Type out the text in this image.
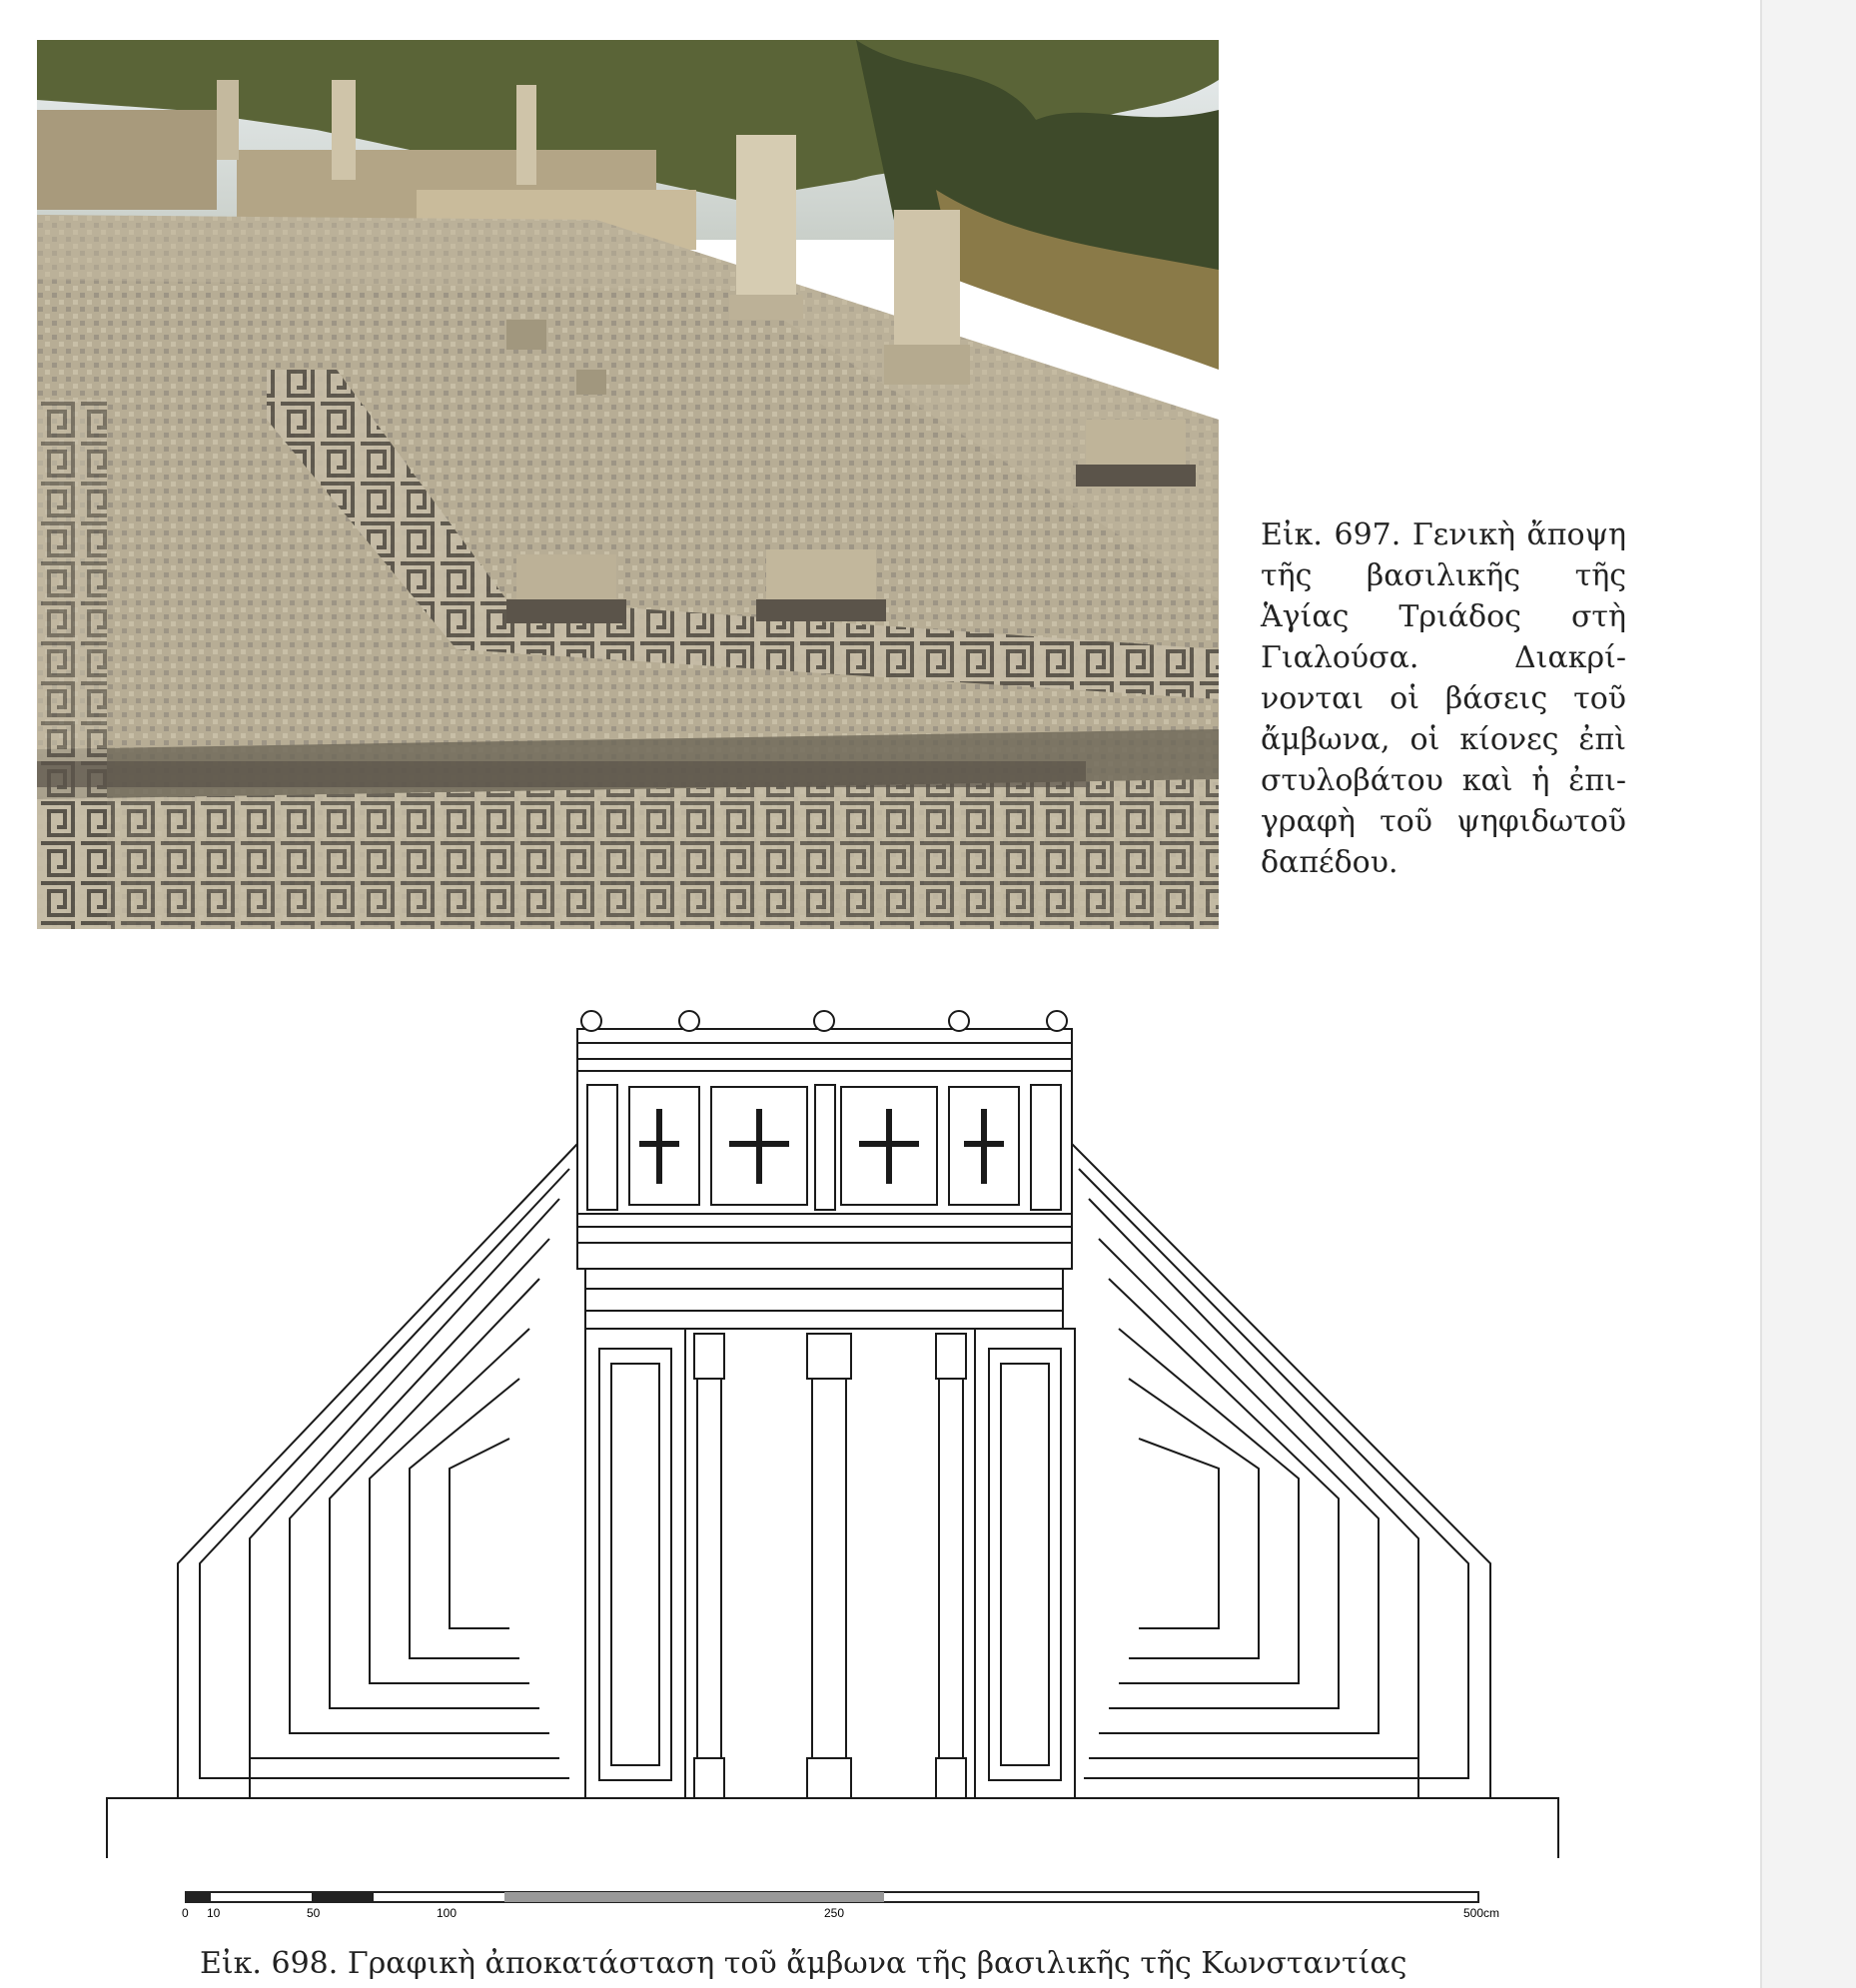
Εἰκ. 697. Γενικὴ ἄποψη τῆς βασιλικῆς τῆς Ἁγίας Τριάδος στὴ Γιαλούσα. Διακρίνονται οἱ βάσεις τοῦ ἄμβωνα, οἱ κίονες ἐπὶ στυλοβάτου καὶ ἡ ἐπιγραφὴ τοῦ ψηφιδωτοῦ δαπέδου.
0 10	50	100	250	500cm
Εἰκ. 698. Γραφικὴ ἀποκατάσταση τοῦ ἄμβωνα τῆς βασιλικῆς τῆς Κωνσταντίας
